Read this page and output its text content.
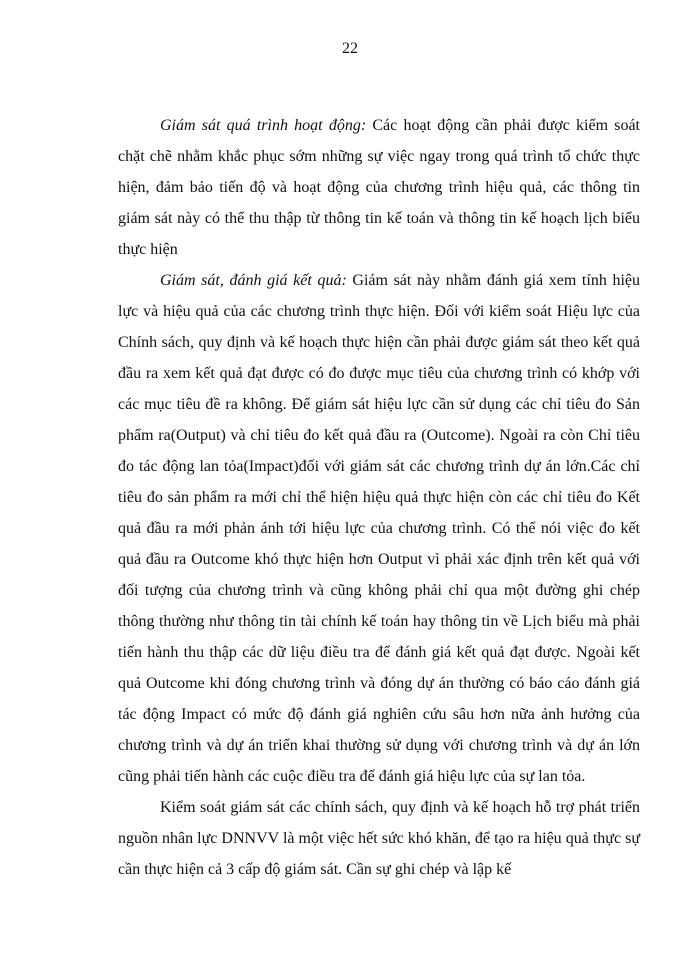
22

Giám sát quá trình hoạt động: Các hoạt động cần phải được kiểm soát chặt chẽ nhằm khắc phục sớm những sự việc ngay trong quá trình tổ chức thực hiện, đảm bảo tiến độ và hoạt động của chương trình hiệu quả, các thông tin giám sát này có thể thu thập từ thông tin kế toán và thông tin kế hoạch lịch biểu thực hiện

Giám sát, đánh giá kết quả: Giám sát này nhằm đánh giá xem tính hiệu lực và hiệu quả của các chương trình thực hiện. Đối với kiểm soát Hiệu lực của Chính sách, quy định và kế hoạch thực hiện cần phải được giám sát theo kết quả đầu ra xem kết quả đạt được có đo được mục tiêu của chương trình có khớp với các mục tiêu đề ra không. Để giám sát hiệu lực cần sử dụng các chỉ tiêu đo Sản phẩm ra(Output) và chỉ tiêu đo kết quả đầu ra (Outcome). Ngoài ra còn Chỉ tiêu đo tác động lan tỏa(Impact)đối với giám sát các chương trình dự án lớn.Các chỉ tiêu đo sản phẩm ra mới chỉ thể hiện hiệu quả thực hiện còn các chỉ tiêu đo Kết quả đầu ra mới phản ánh tới hiệu lực của chương trình. Có thể nói việc đo kết quả đầu ra Outcome khó thực hiện hơn Output vì phải xác định trên kết quả với đối tượng của chương trình và cũng không phải chỉ qua một đường ghi chép thông thường như thông tin tài chính kế toán hay thông tin về Lịch biểu mà phải tiến hành thu thập các dữ liệu điều tra để đánh giá kết quả đạt được. Ngoài kết quả Outcome khi đóng chương trình và đóng dự án thường có báo cáo đánh giá tác động Impact có mức độ đánh giá nghiên cứu sâu hơn nữa ảnh hưởng của chương trình và dự án triển khai thường sử dụng với chương trình và dự án lớn cũng phải tiến hành các cuộc điều tra để đánh giá hiệu lực của sự lan tỏa.

Kiểm soát giám sát các chính sách, quy định và kế hoạch hỗ trợ phát triển nguồn nhân lực DNNVV là một việc hết sức khó khăn, để tạo ra hiệu quả thực sự cần thực hiện cả 3 cấp độ giám sát. Cần sự ghi chép và lập kế
